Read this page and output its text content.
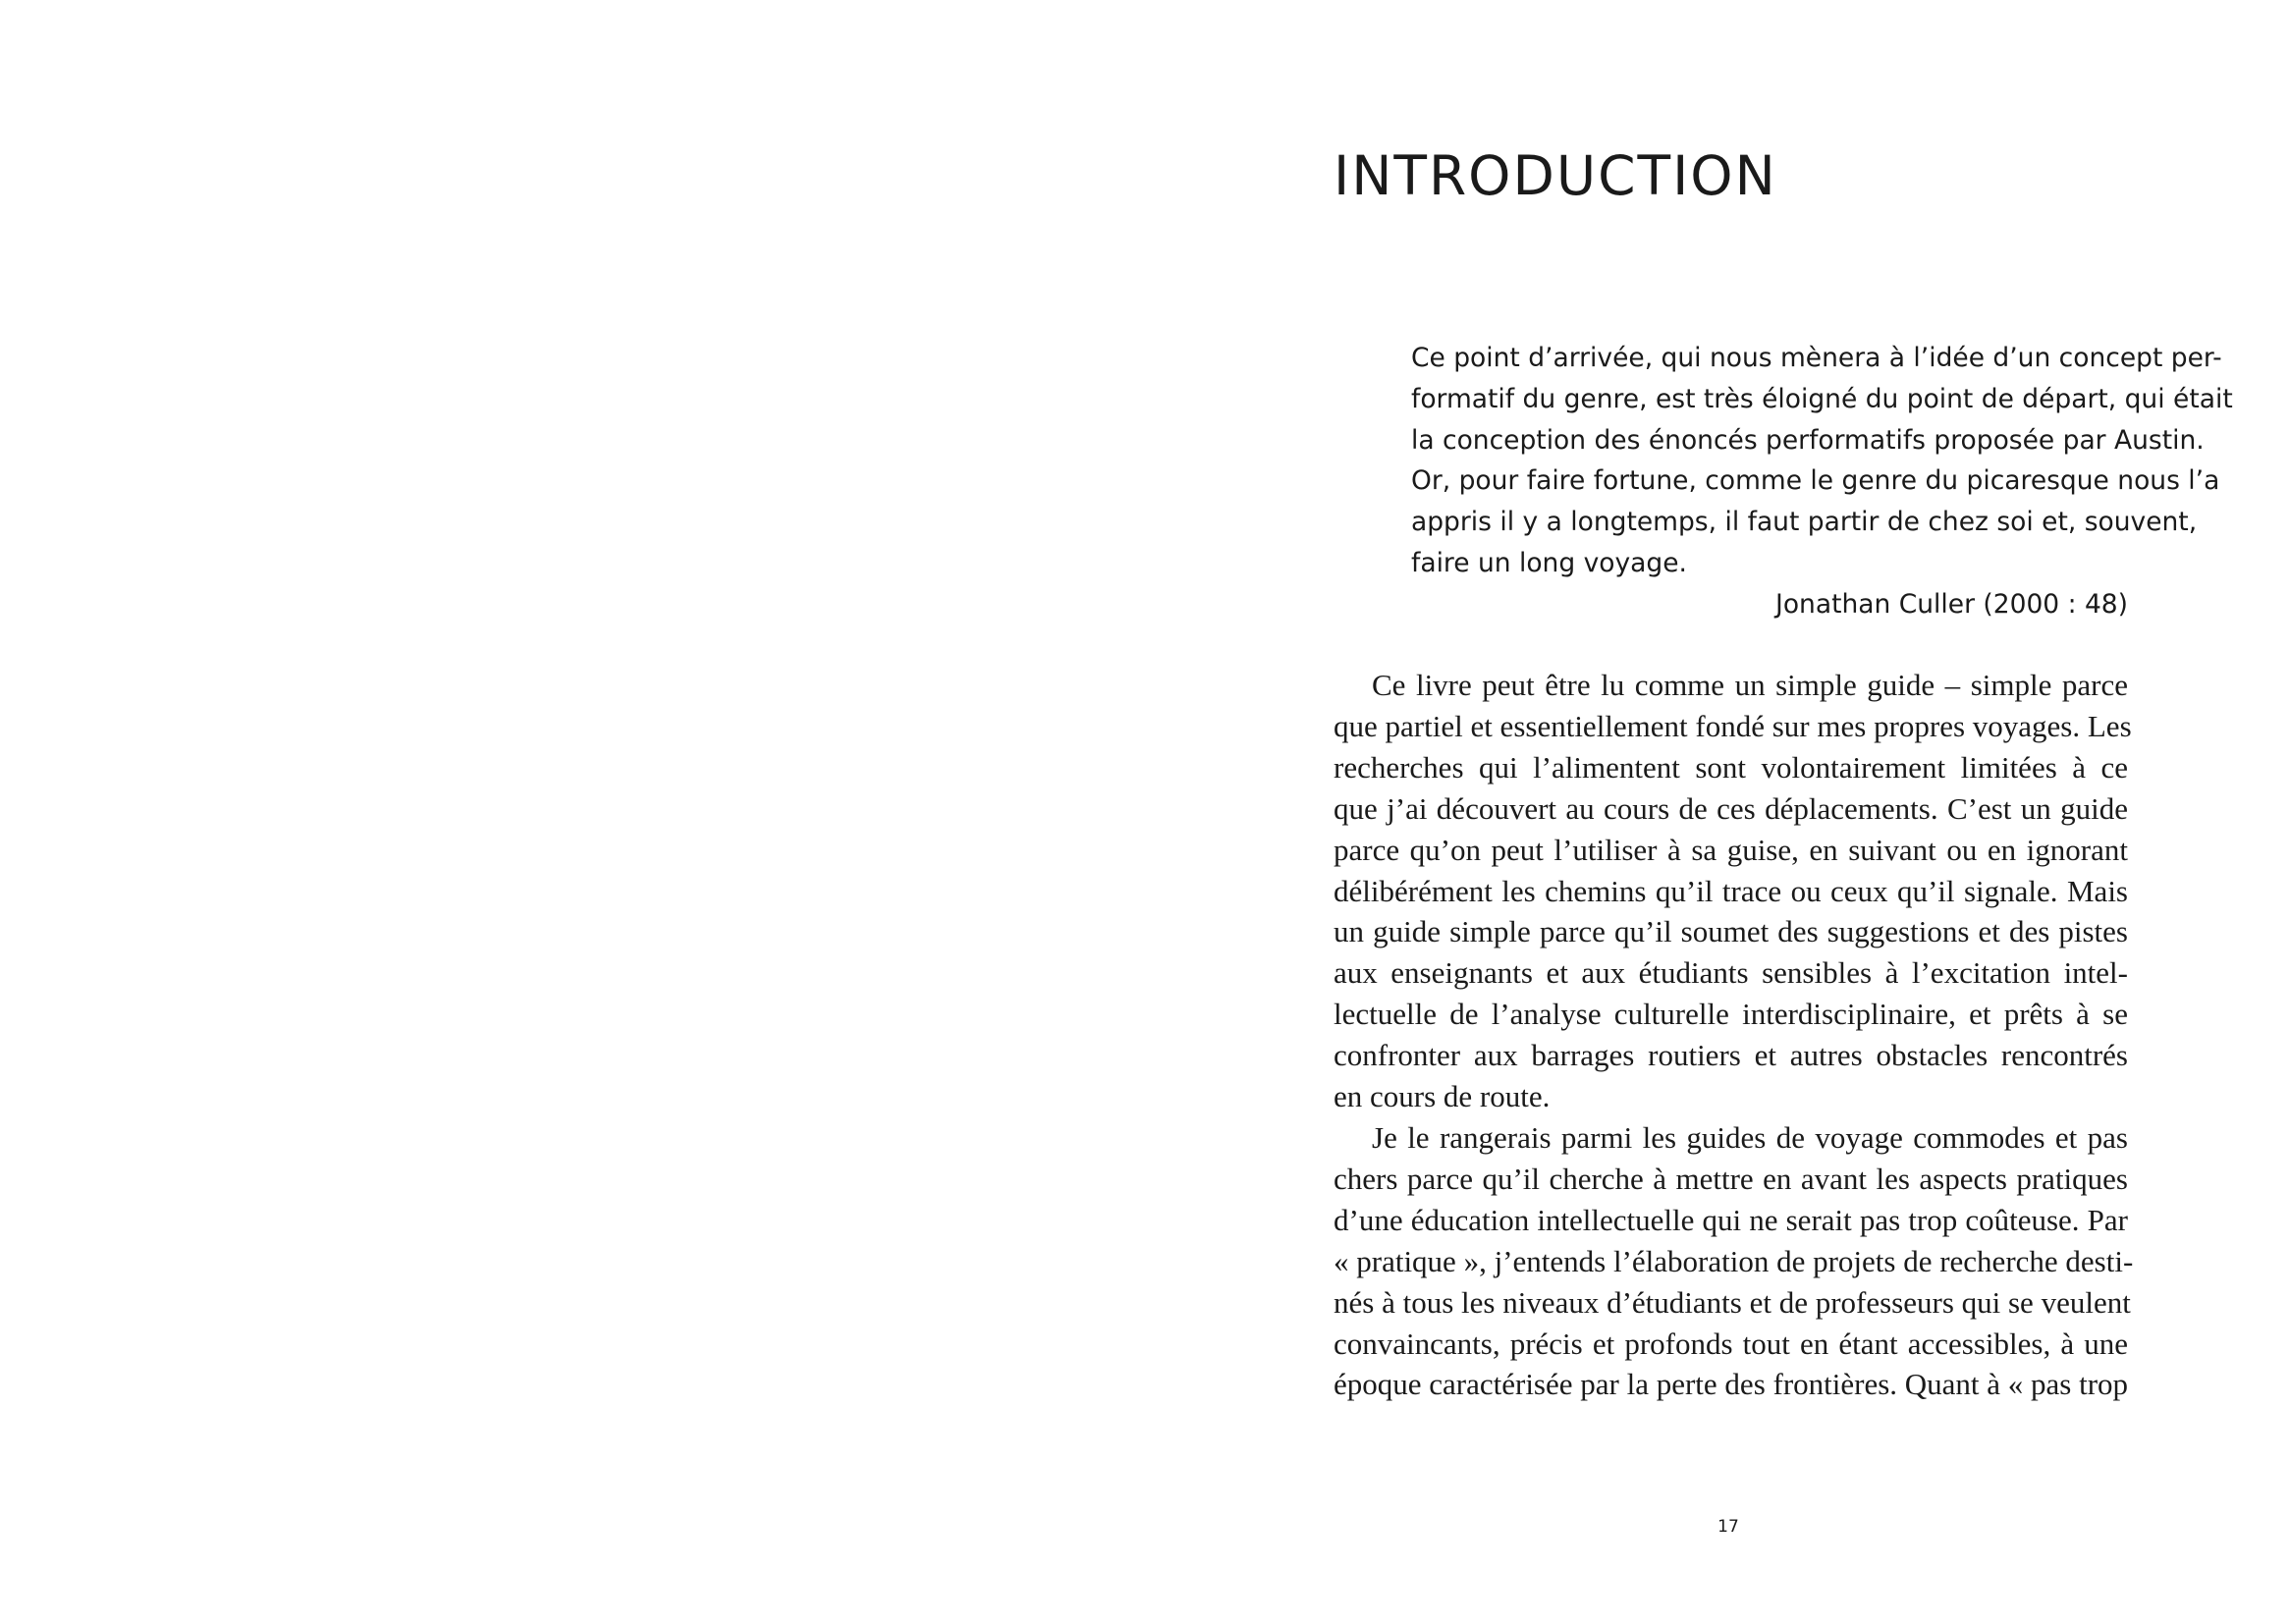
INTRODUCTION
Ce point d’arrivée, qui nous mènera à l’idée d’un concept per-
formatif du genre, est très éloigné du point de départ, qui était
la conception des énoncés performatifs proposée par Austin.
Or, pour faire fortune, comme le genre du picaresque nous l’a
appris il y a longtemps, il faut partir de chez soi et, souvent,
faire un long voyage.
Jonathan Culler (2000 : 48)
Ce livre peut être lu comme un simple guide – simple parce
que partiel et essentiellement fondé sur mes propres voyages. Les
recherches qui l’alimentent sont volontairement limitées à ce
que j’ai découvert au cours de ces déplacements. C’est un guide
parce qu’on peut l’utiliser à sa guise, en suivant ou en ignorant
délibérément les chemins qu’il trace ou ceux qu’il signale. Mais
un guide simple parce qu’il soumet des suggestions et des pistes
aux enseignants et aux étudiants sensibles à l’excitation intel-
lectuelle de l’analyse culturelle interdisciplinaire, et prêts à se
confronter aux barrages routiers et autres obstacles rencontrés
en cours de route.
Je le rangerais parmi les guides de voyage commodes et pas
chers parce qu’il cherche à mettre en avant les aspects pratiques
d’une éducation intellectuelle qui ne serait pas trop coûteuse. Par
« pratique », j’entends l’élaboration de projets de recherche desti-
nés à tous les niveaux d’étudiants et de professeurs qui se veulent
convaincants, précis et profonds tout en étant accessibles, à une
époque caractérisée par la perte des frontières. Quant à « pas trop
17
